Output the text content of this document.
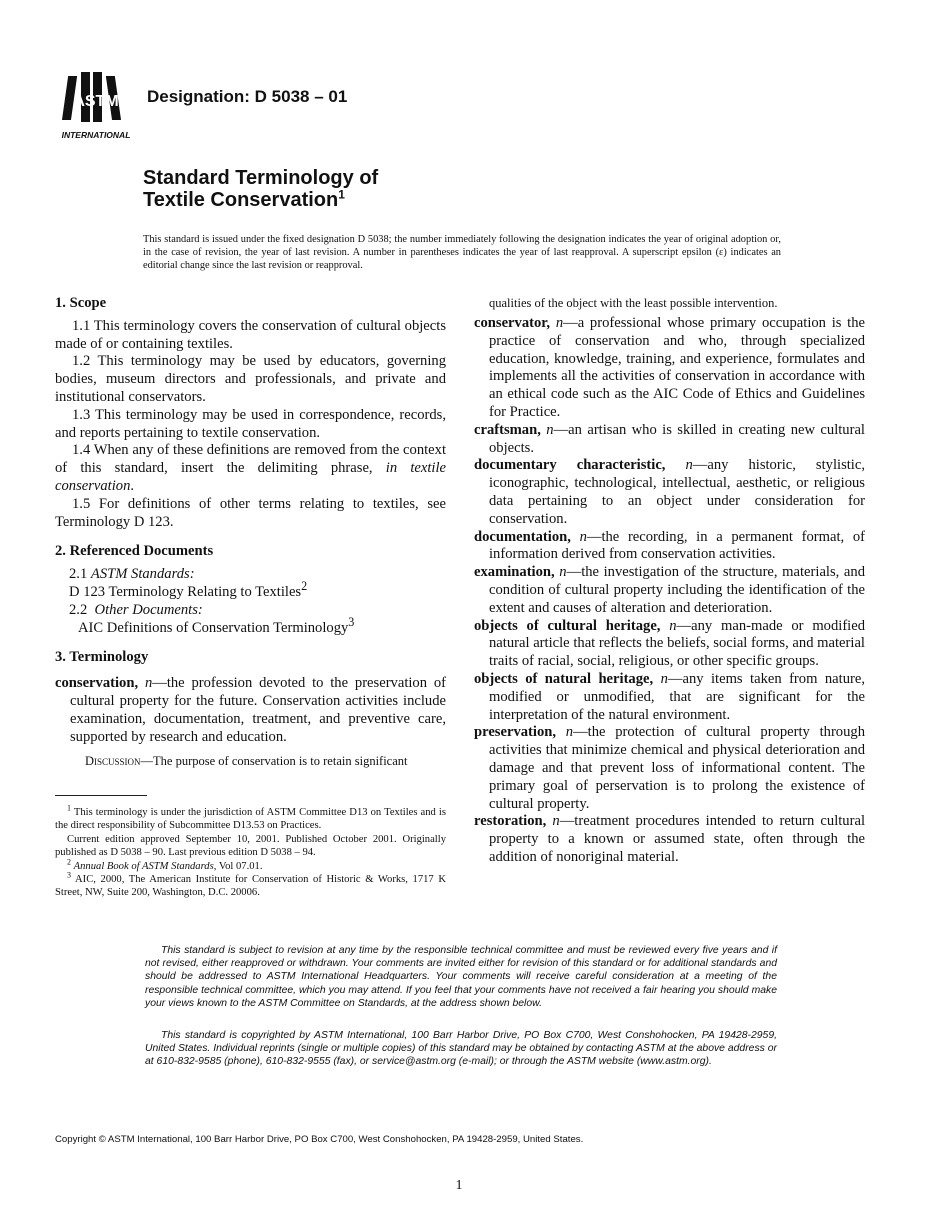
ASTM
INTERNATIONAL
Designation: D 5038 – 01
Standard Terminology of
Textile Conservation$^1$
This standard is issued under the fixed designation D 5038; the number immediately following the designation indicates the year of original adoption or, in the case of revision, the year of last revision. A number in parentheses indicates the year of last reapproval. A superscript epsilon (ε) indicates an editorial change since the last revision or reapproval.

1. Scope

1.1 This terminology covers the conservation of cultural objects made of or containing textiles.

1.2 This terminology may be used by educators, governing bodies, museum directors and professionals, and private and institutional conservators.

1.3 This terminology may be used in correspondence, records, and reports pertaining to textile conservation.

1.4 When any of these definitions are removed from the context of this standard, insert the delimiting phrase, in textile conservation.

1.5 For definitions of other terms relating to textiles, see Terminology D 123.

2. Referenced Documents

2.1 ASTM Standards:

D 123 Terminology Relating to Textiles$^2$

2.2 Other Documents:

AIC Definitions of Conservation Terminology$^3$

3. Terminology

conservation, n—the profession devoted to the preservation of cultural property for the future. Conservation activities include examination, documentation, treatment, and preventive care, supported by research and education.

Discussion—The purpose of conservation is to retain significant

$^1$ This terminology is under the jurisdiction of ASTM Committee D13 on Textiles and is the direct responsibility of Subcommittee D13.53 on Practices.

Current edition approved September 10, 2001. Published October 2001. Originally published as D 5038 – 90. Last previous edition D 5038 – 94.

$^2$ Annual Book of ASTM Standards, Vol 07.01.

$^3$ AIC, 2000, The American Institute for Conservation of Historic & Works, 1717 K Street, NW, Suite 200, Washington, D.C. 20006.

qualities of the object with the least possible intervention.

conservator, n—a professional whose primary occupation is the practice of conservation and who, through specialized education, knowledge, training, and experience, formulates and implements all the activities of conservation in accordance with an ethical code such as the AIC Code of Ethics and Guidelines for Practice.

craftsman, n—an artisan who is skilled in creating new cultural objects.

documentary characteristic, n—any historic, stylistic, iconographic, technological, intellectual, aesthetic, or religious data pertaining to an object under consideration for conservation.

documentation, n—the recording, in a permanent format, of information derived from conservation activities.

examination, n—the investigation of the structure, materials, and condition of cultural property including the identification of the extent and causes of alteration and deterioration.

objects of cultural heritage, n—any man-made or modified natural article that reflects the beliefs, social forms, and material traits of racial, social, religious, or other specific groups.

objects of natural heritage, n—any items taken from nature, modified or unmodified, that are significant for the interpretation of the natural environment.

preservation, n—the protection of cultural property through activities that minimize chemical and physical deterioration and damage and that prevent loss of informational content. The primary goal of perservation is to prolong the existence of cultural property.

restoration, n—treatment procedures intended to return cultural property to a known or assumed state, often through the addition of nonoriginal material.

This standard is subject to revision at any time by the responsible technical committee and must be reviewed every five years and if not revised, either reapproved or withdrawn. Your comments are invited either for revision of this standard or for additional standards and should be addressed to ASTM International Headquarters. Your comments will receive careful consideration at a meeting of the responsible technical committee, which you may attend. If you feel that your comments have not received a fair hearing you should make your views known to the ASTM Committee on Standards, at the address shown below.

This standard is copyrighted by ASTM International, 100 Barr Harbor Drive, PO Box C700, West Conshohocken, PA 19428-2959, United States. Individual reprints (single or multiple copies) of this standard may be obtained by contacting ASTM at the above address or at 610-832-9585 (phone), 610-832-9555 (fax), or service@astm.org (e-mail); or through the ASTM website (www.astm.org).

Copyright © ASTM International, 100 Barr Harbor Drive, PO Box C700, West Conshohocken, PA 19428-2959, United States.
1
